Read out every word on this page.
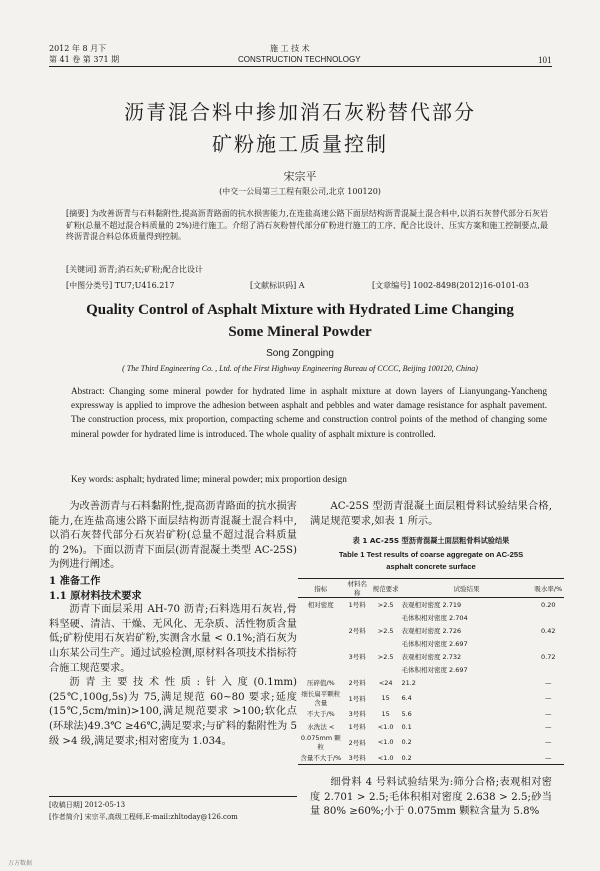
2012 年 8 月下
第 41 卷 第 371 期
施 工 技 术
CONSTRUCTION TECHNOLOGY	101
沥青混合料中掺加消石灰粉替代部分
矿粉施工质量控制
宋宗平
(中交一公局第三工程有限公司,北京 100120)
[摘要] 为改善沥青与石料黏附性,提高沥青路面的抗水损害能力,在连盐高速公路下面层结构沥青混凝土混合料中,以消石灰替代部分石灰岩矿粉(总量不超过混合料质量的 2%)进行施工。介绍了消石灰粉替代部分矿粉进行施工的工序、配合比设计、压实方案和施工控制要点,最终沥青混合料总体质量得到控制。
[关键词] 沥青;消石灰;矿粉;配合比设计
[中图分类号] TU7;U416.217	[文献标识码] A	[文章编号] 1002-8498(2012)16-0101-03
Quality Control of Asphalt Mixture with Hydrated Lime Changing
Some Mineral Powder
Song Zongping
( The Third Engineering Co. , Ltd. of the First Highway Engineering Bureau of CCCC, Beijing 100120, China)
Abstract: Changing some mineral powder for hydrated lime in asphalt mixture at down layers of Lianyungang-Yancheng expressway is applied to improve the adhesion between asphalt and pebbles and water damage resistance for asphalt pavement. The construction process, mix proportion, compacting scheme and construction control points of the method of changing some mineral powder for hydrated lime is introduced. The whole quality of asphalt mixture is controlled.
Key words: asphalt; hydrated lime; mineral powder; mix proportion design

为改善沥青与石料黏附性,提高沥青路面的抗水损害能力,在连盐高速公路下面层结构沥青混凝土混合料中,以消石灰替代部分石灰岩矿粉(总量不超过混合料质量的 2%)。下面以沥青下面层(沥青混凝土类型 AC-25S)为例进行阐述。

1 准备工作

1.1 原材料技术要求

沥青下面层采用 AH-70 沥青;石料选用石灰岩,骨料坚硬、清洁、干燥、无风化、无杂质、活性物质含量低;矿粉使用石灰岩矿粉,实测含水量 < 0.1%;消石灰为山东某公司生产。通过试验检测,原材料各项技术指标符合施工规范要求。

沥青主要技术性质:针入度(0.1mm)(25℃,100g,5s)为 75,满足规范 60~80 要求;延度(15℃,5cm/min)>100,满足规范要求 >100;软化点(环球法)49.3℃ ≥46℃,满足要求;与矿料的黏附性为 5 级 >4 级,满足要求;相对密度为 1.034。

[收稿日期] 2012-05-13
[作者简介] 宋宗平,高级工程师,E-mail:zhltoday@126.com
AC-25S 型沥青混凝土面层粗骨料试验结果合格,满足规范要求,如表 1 所示。
表 1 AC-25S 型沥青混凝土面层粗骨料试验结果
Table 1 Test results of coarse aggregate on AC-25S
asphalt concrete surface
指标	材料名称	规范要求	试验结果	吸水率/%
相对密度	1号料	>2.5	表观相对密度 2.719	0.20
			毛体积相对密度 2.704	
	2号料	>2.5	表观相对密度 2.726	0.42
			毛体积相对密度 2.697	
	3号料	>2.5	表观相对密度 2.732	0.72
			毛体积相对密度 2.697	
压碎值/%	2号料	<24	21.2	—
细长扁平颗粒含量	1号料	15	6.4	—
不大于/%	3号料	15	5.6	—
水洗法 <	1号料	<1.0	0.1	—
0.075mm 颗粒	2号料	<1.0	0.2	—
含量不大于/%	3号料	<1.0	0.2	—
细骨料 4 号料试验结果为:筛分合格;表观相对密度 2.701 > 2.5;毛体积相对密度 2.638 > 2.5;砂当量 80% ≥60%;小于 0.075mm 颗粒含量为 5.8%
万方数据
